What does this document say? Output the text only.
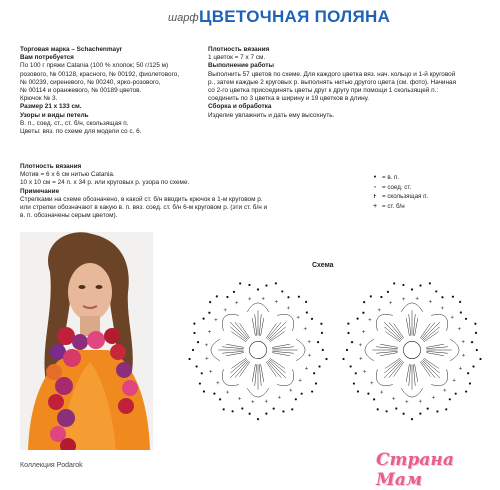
шарф ЦВЕТОЧНАЯ ПОЛЯНА
Торговая марка – Schachenmayr
Вам потребуется
По 100 г пряжи Catania (100 % хлопок; 50 г/125 м)
розового, № 00128, красного, № 00192, фиолетового,
№ 00239, сиреневого, № 00240, ярко-розового,
№ 00114 и оранжевого, № 00189 цветов.
Крючок № 3.
Размер 21 х 133 см.
Узоры и виды петель
В. п., соед. ст., ст. б/н, скользящая п.
Цветы: вяз. по схеме для модели со с. 6.
Плотность вязания
1 цветок = 7 х 7 см.
Выполнение работы
Выполнить 57 цветов по схеме. Для каждого цветка вяз. нач. кольцо и 1-й круговой
р., затем каждые 2 круговых р. выполнять нитью другого цвета (см. фото). Начиная
со 2-го цветка присоединять цветы друг к другу при помощи 1 скользящей п.:
соединить по 3 цветка в ширину и 19 цветков в длину.
Сборка и обработка
Изделие увлажнить и дать ему высохнуть.
Плотность вязания
Мотив = 6 х 6 см нитью Catania.
10 х 10 см = 24 п. х 34 р. или круговых р. узора по схеме.
Примечание
Стрелками на схеме обозначено, в какой ст. б/н вводить крючок в 1-м круговом р.
или стрелки обозначают в какую в. п. вяз. соед. ст. б/н 6-м круговом р. (эти ст. б/н и
в. п. обозначены серым цветом).
• = в. п.
◦ = соед. ст.
ⱶ = скользящая п.
+ = ст. б/н
Коллекция Podarok
Схема
Страна Мам
